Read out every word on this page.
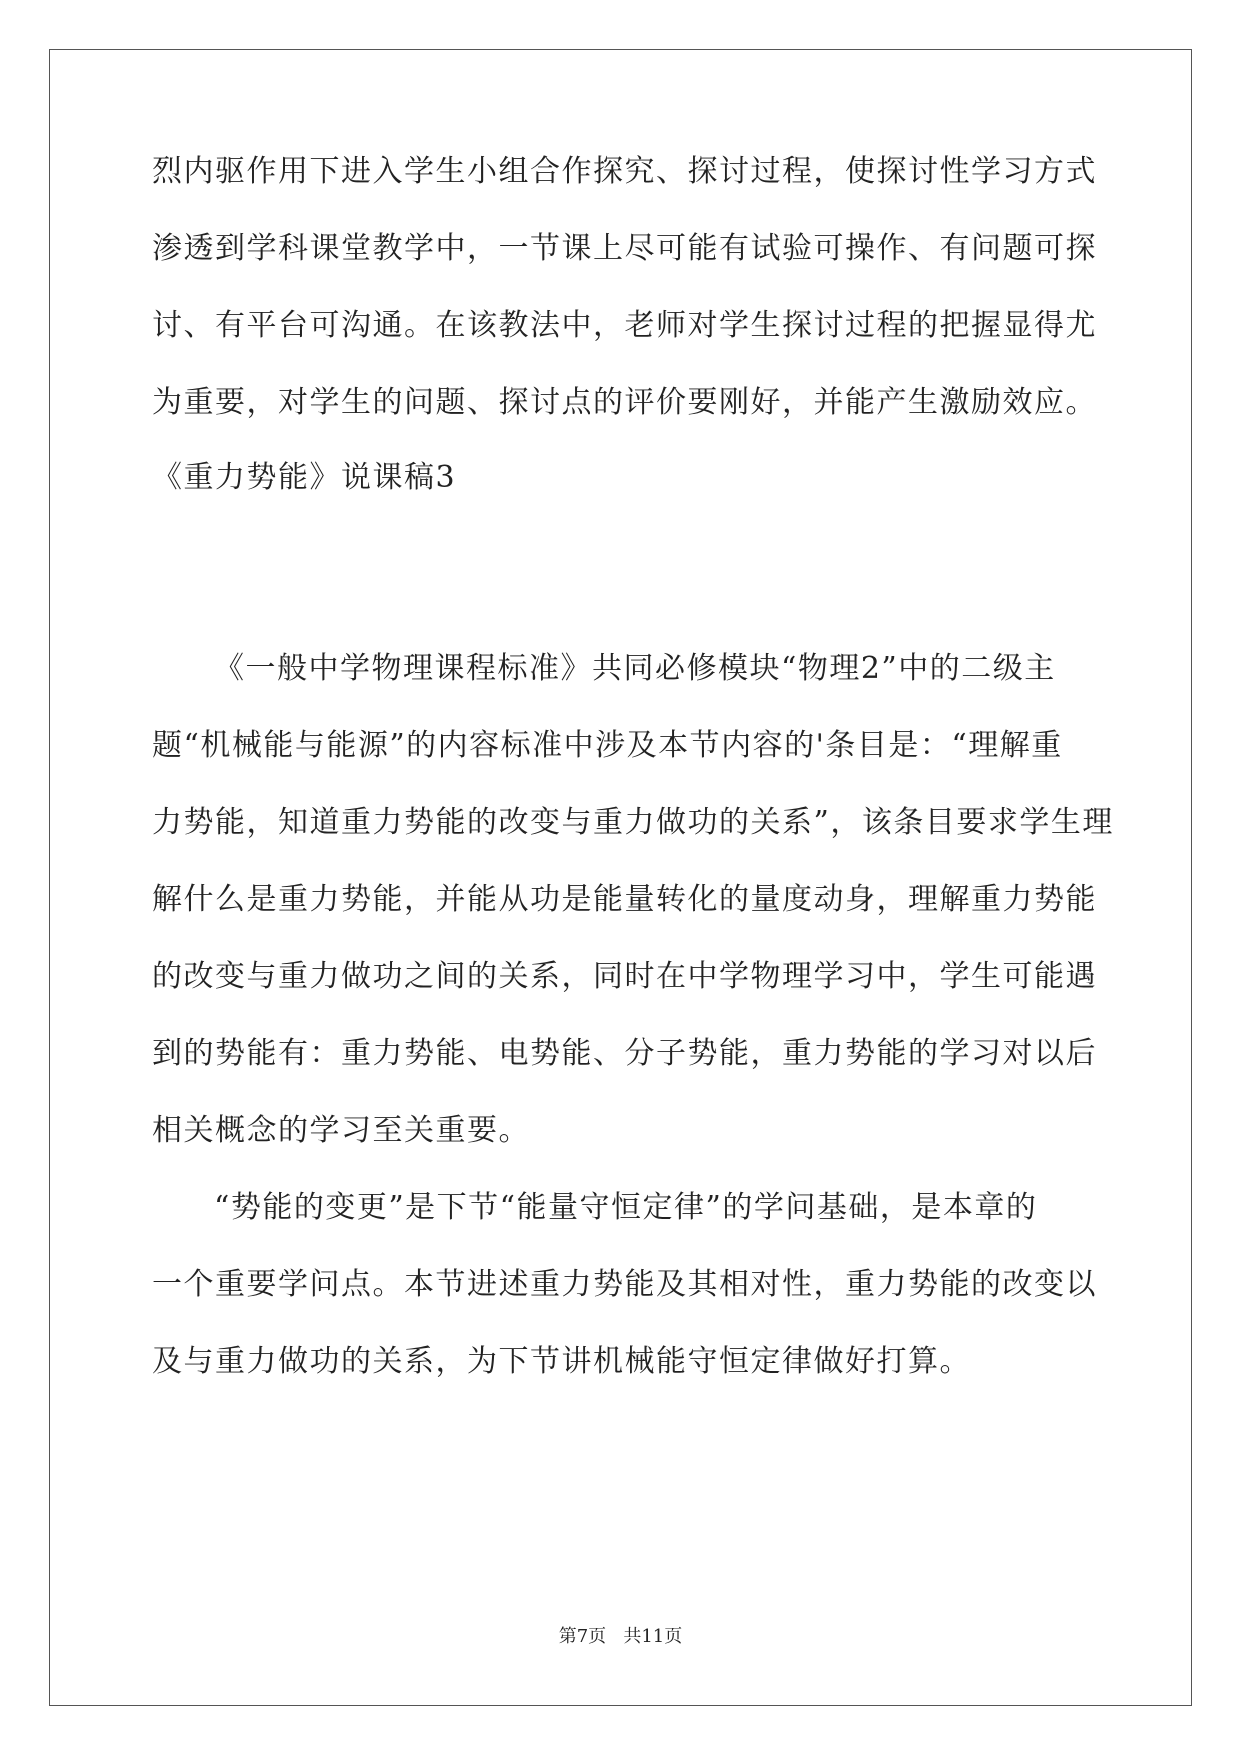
烈内驱作用下进入学生小组合作探究、探讨过程，使探讨性学习方式
渗透到学科课堂教学中，一节课上尽可能有试验可操作、有问题可探
讨、有平台可沟通。在该教法中，老师对学生探讨过程的把握显得尤
为重要，对学生的问题、探讨点的评价要刚好，并能产生激励效应。
《重力势能》说课稿3
《一般中学物理课程标准》共同必修模块“物理2”中的二级主
题“机械能与能源”的内容标准中涉及本节内容的'条目是：“理解重
力势能，知道重力势能的改变与重力做功的关系”，该条目要求学生理
解什么是重力势能，并能从功是能量转化的量度动身，理解重力势能
的改变与重力做功之间的关系，同时在中学物理学习中，学生可能遇
到的势能有：重力势能、电势能、分子势能，重力势能的学习对以后
相关概念的学习至关重要。
“势能的变更”是下节“能量守恒定律”的学问基础，是本章的
一个重要学问点。本节进述重力势能及其相对性，重力势能的改变以
及与重力做功的关系，为下节讲机械能守恒定律做好打算。
第7页   共11页
